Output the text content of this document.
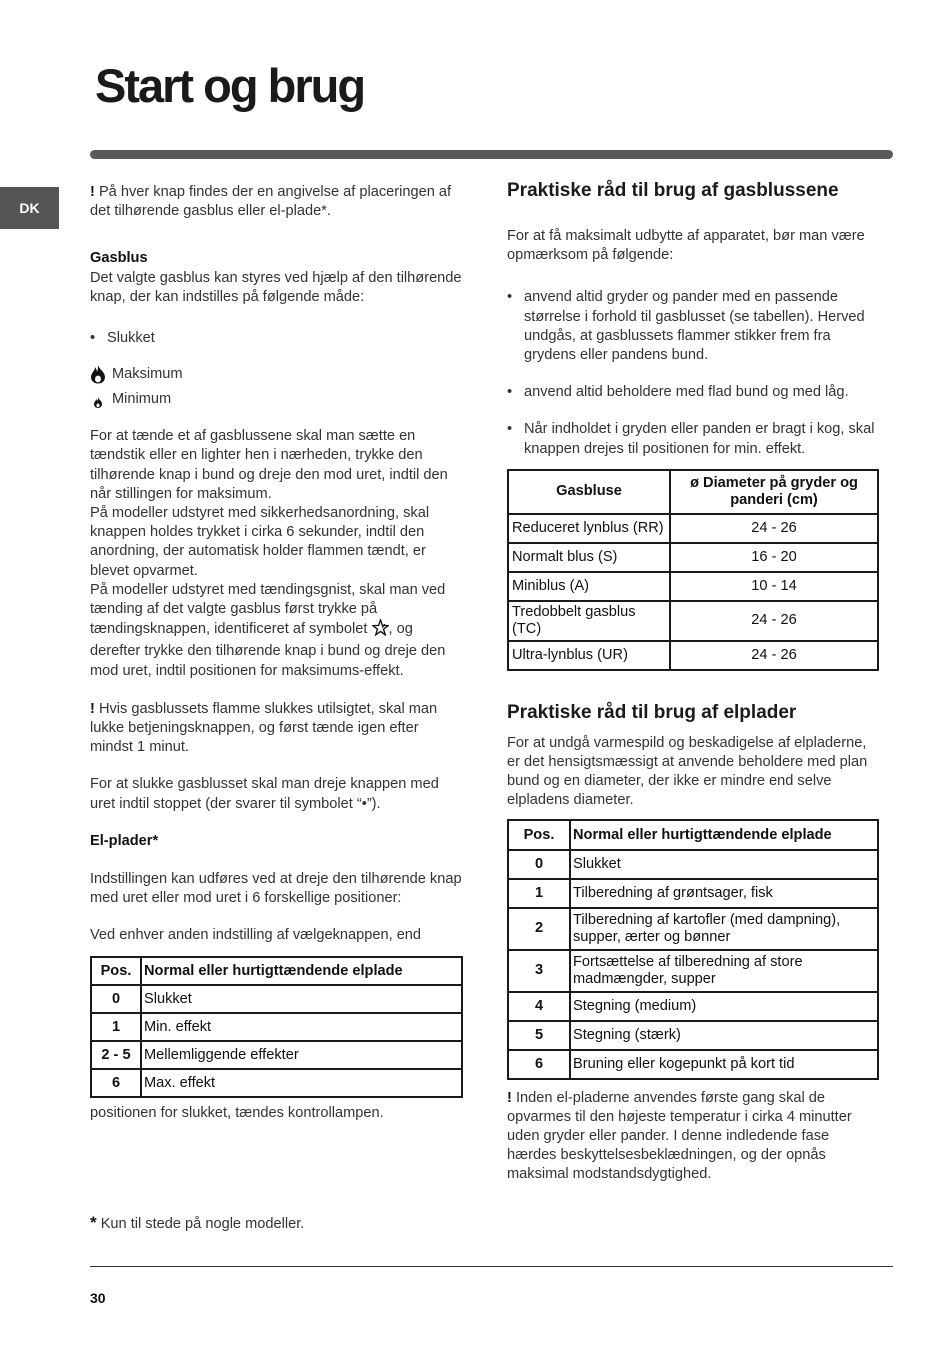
Start og brug
DK

! På hver knap findes der en angivelse af placeringen af det tilhørende gasblus eller el-plade*.

Gasblus

Det valgte gasblus kan styres ved hjælp af den tilhørende knap, der kan indstilles på følgende måde:

• Slukket
Maksimum
Minimum

For at tænde et af gasblussene skal man sætte en tændstik eller en lighter hen i nærheden, trykke den tilhørende knap i bund og dreje den mod uret, indtil den når stillingen for maksimum.

På modeller udstyret med sikkerhedsanordning, skal knappen holdes trykket i cirka 6 sekunder, indtil den anordning, der automatisk holder flammen tændt, er blevet opvarmet.

På modeller udstyret med tændingsgnist, skal man ved tænding af det valgte gasblus først trykke på tændingsknappen, identificeret af symbolet , og derefter trykke den tilhørende knap i bund og dreje den mod uret, indtil positionen for maksimums-effekt.

! Hvis gasblussets flamme slukkes utilsigtet, skal man lukke betjeningsknappen, og først tænde igen efter mindst 1 minut.

For at slukke gasblusset skal man dreje knappen med uret indtil stoppet (der svarer til symbolet “•”).

El-plader*

Indstillingen kan udføres ved at dreje den tilhørende knap med uret eller mod uret i 6 forskellige positioner:

Ved enhver anden indstilling af vælgeknappen, end

Pos.	Normal eller hurtigttændende elplade
0	Slukket
1	Min. effekt
2 - 5	Mellemliggende effekter
6	Max. effekt

positionen for slukket, tændes kontrollampen.

Praktiske råd til brug af gasblussene

For at få maksimalt udbytte af apparatet, bør man være opmærksom på følgende:

• anvend altid gryder og pander med en passende størrelse i forhold til gasblusset (se tabellen). Herved undgås, at gasblussets flammer stikker frem fra grydens eller pandens bund.
• anvend altid beholdere med flad bund og med låg.
• Når indholdet i gryden eller panden er bragt i kog, skal knappen drejes til positionen for min. effekt.
Gasbluse	ø Diameter på gryder og panderi (cm)
Reduceret lynblus (RR)	24 - 26
Normalt blus (S)	16 - 20
Miniblus (A)	10 - 14
Tredobbelt gasblus (TC)	24 - 26
Ultra-lynblus (UR)	24 - 26
Praktiske råd til brug af elplader

For at undgå varmespild og beskadigelse af elpladerne, er det hensigtsmæssigt at anvende beholdere med plan bund og en diameter, der ikke er mindre end selve elpladens diameter.

Pos.	Normal eller hurtigttændende elplade
0	Slukket
1	Tilberedning af grøntsager, fisk
2	Tilberedning af kartofler (med dampning), supper, ærter og bønner
3	Fortsættelse af tilberedning af store madmængder, supper
4	Stegning (medium)
5	Stegning (stærk)
6	Bruning eller kogepunkt på kort tid

! Inden el-pladerne anvendes første gang skal de opvarmes til den højeste temperatur i cirka 4 minutter uden gryder eller pander. I denne indledende fase hærdes beskyttelsesbeklædningen, og der opnås maksimal modstandsdygtighed.

* Kun til stede på nogle modeller.
30
